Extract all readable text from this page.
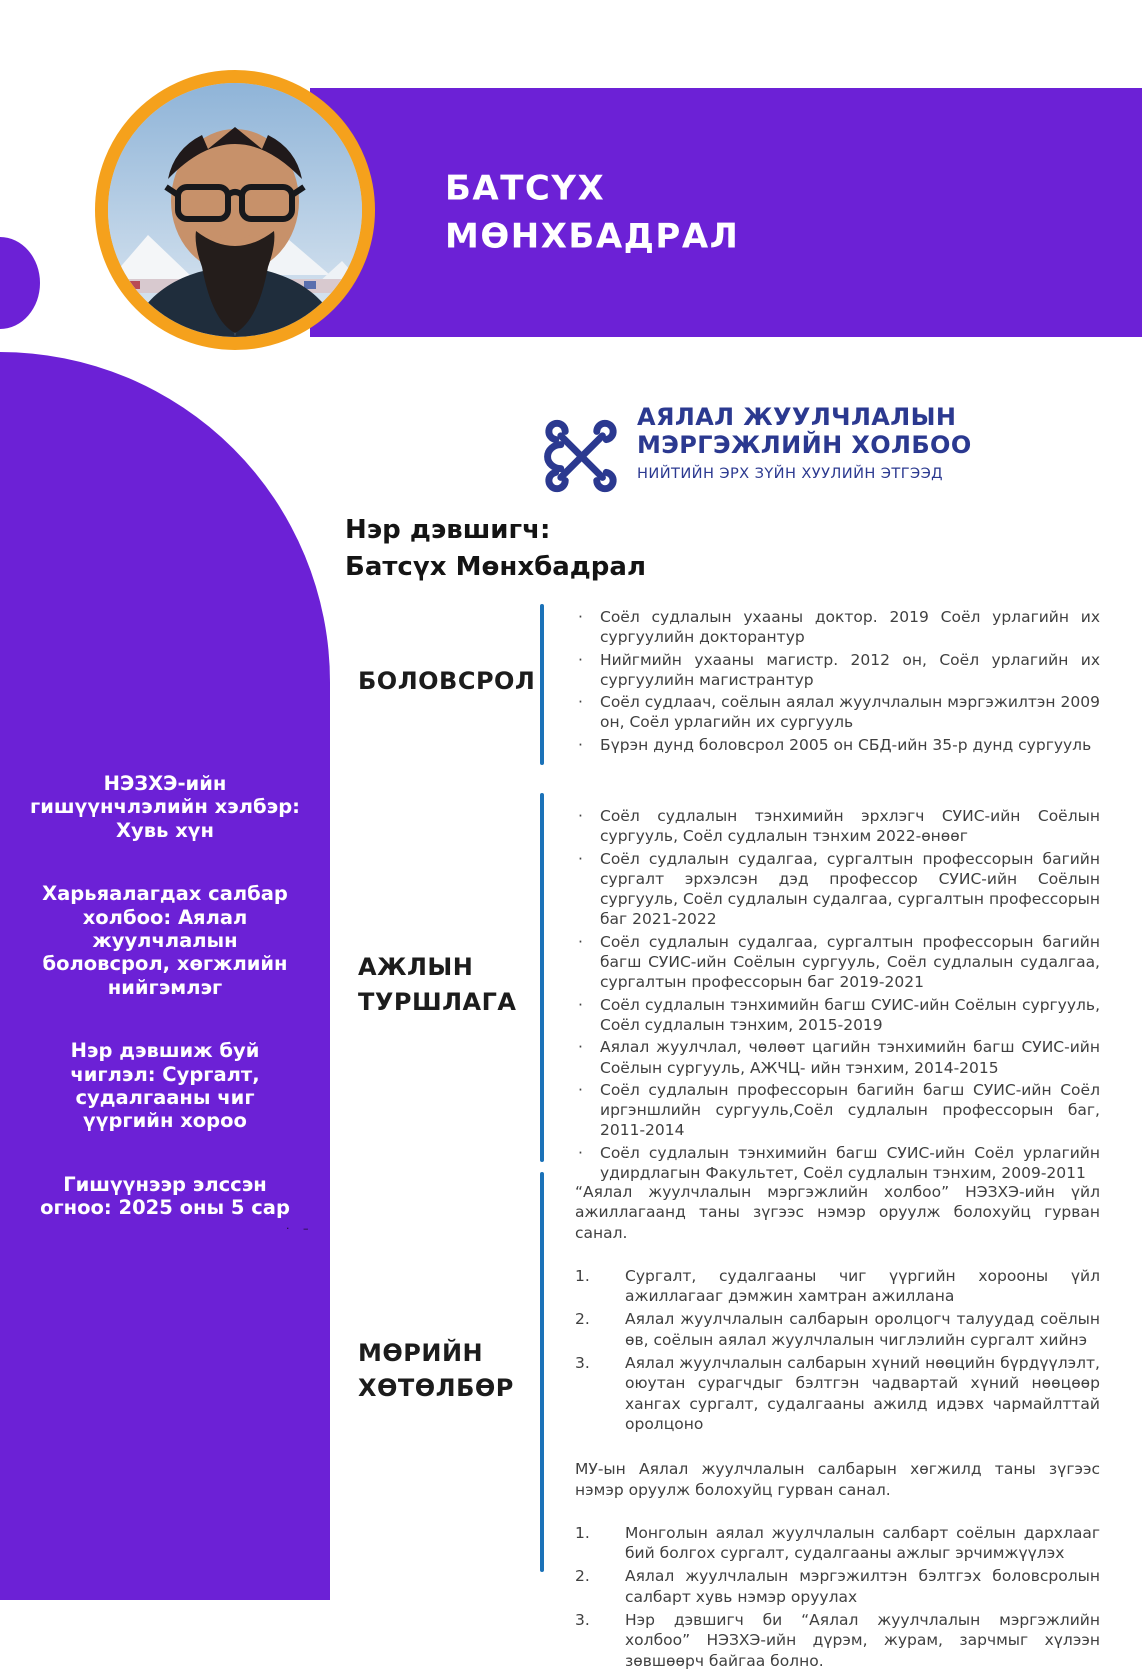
БАТСҮХ
МӨНХБАДРАЛ

НЭЗХЭ-ийн гишүүнчлэлийн хэлбэр: Хувь хүн

Харьяалагдах салбар холбоо: Аялал жуулчлалын боловсрол, хөгжлийн нийгэмлэг

Нэр дэвшиж буй чиглэл: Сургалт, судалгааны чиг үүргийн хороо

Гишүүнээр элссэн огноо: 2025 оны 5 сар

· –
АЯЛАЛ ЖУУЛЧЛАЛЫН
МЭРГЭЖЛИЙН ХОЛБОО
НИЙТИЙН ЭРХ ЗҮЙН ХУУЛИЙН ЭТГЭЭД
Нэр дэвшигч:
Батсүх Мөнхбадрал
БОЛОВСРОЛ
· Соёл судлалын ухааны доктор. 2019 Соёл урлагийн их сургуулийн докторантур
· Нийгмийн ухааны магистр. 2012 он, Соёл урлагийн их сургуулийн магистрантур
· Соёл судлаач, соёлын аялал жуулчлалын мэргэжилтэн 2009 он, Соёл урлагийн их сургууль
· Бүрэн дунд боловсрол 2005 он СБД-ийн 35-р дунд сургууль
АЖЛЫН
ТУРШЛАГА
· Соёл судлалын тэнхимийн эрхлэгч СУИС-ийн Соёлын сургууль, Соёл судлалын тэнхим 2022-өнөөг
· Соёл судлалын судалгаа, сургалтын профессорын багийн сургалт эрхэлсэн дэд профессор СУИС-ийн Соёлын сургууль, Соёл судлалын судалгаа, сургалтын профессорын баг 2021-2022
· Соёл судлалын судалгаа, сургалтын профессорын багийн багш СУИС-ийн Соёлын сургууль, Соёл судлалын судалгаа, сургалтын профессорын баг 2019-2021
· Соёл судлалын тэнхимийн багш СУИС-ийн Соёлын сургууль, Соёл судлалын тэнхим, 2015-2019
· Аялал жуулчлал, чөлөөт цагийн тэнхимийн багш СУИС-ийн Соёлын сургууль, АЖЧЦ- ийн тэнхим, 2014-2015
· Соёл судлалын профессорын багийн багш СУИС-ийн Соёл иргэншлийн сургууль,Соёл судлалын профессорын баг, 2011-2014
· Соёл судлалын тэнхимийн багш СУИС-ийн Соёл урлагийн удирдлагын Факультет, Соёл судлалын тэнхим, 2009-2011
МӨРИЙН
ХӨТӨЛБӨР

“Аялал жуулчлалын мэргэжлийн холбоо” НЭЗХЭ-ийн үйл ажиллагаанд таны зүгээс нэмэр оруулж болохуйц гурван санал.

Сургалт, судалгааны чиг үүргийн хорооны үйл ажиллагааг дэмжин хамтран ажиллана
Аялал жуулчлалын салбарын оролцогч талуудад соёлын өв, соёлын аялал жуулчлалын чиглэлийн сургалт хийнэ
Аялал жуулчлалын салбарын хүний нөөцийн бүрдүүлэлт, оюутан сурагчдыг бэлтгэн чадвартай хүний нөөцөөр хангах сургалт, судалгааны ажилд идэвх чармайлттай оролцоно

МУ-ын Аялал жуулчлалын салбарын хөгжилд таны зүгээс нэмэр оруулж болохуйц гурван санал.

Монголын аялал жуулчлалын салбарт соёлын дархлааг бий болгох сургалт, судалгааны ажлыг эрчимжүүлэх
Аялал жуулчлалын мэргэжилтэн бэлтгэх боловсролын салбарт хувь нэмэр оруулах
Нэр дэвшигч би “Аялал жуулчлалын мэргэжлийн холбоо” НЭЗХЭ-ийн дүрэм, журам, зарчмыг хүлээн зөвшөөрч байгаа болно.
